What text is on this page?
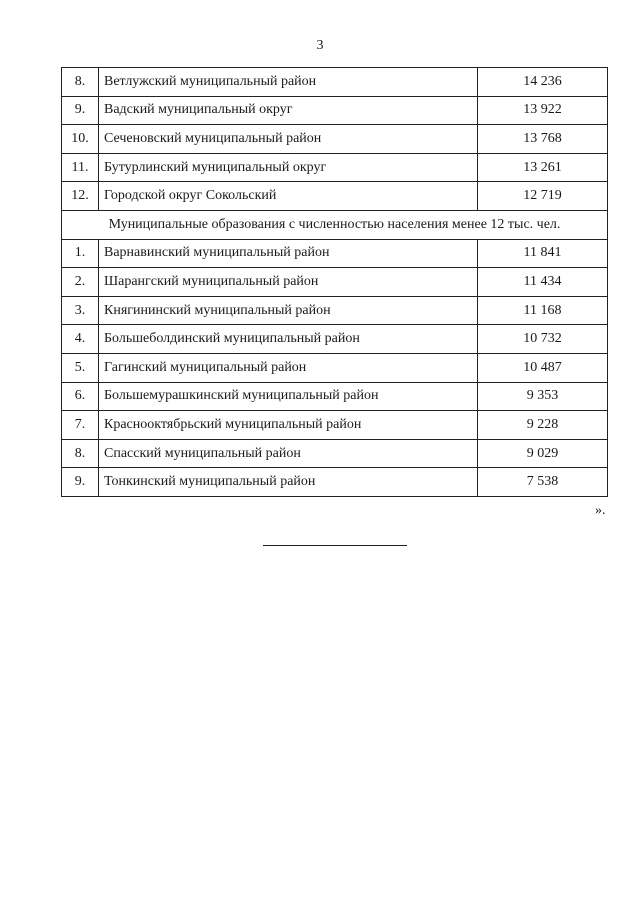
3
8.	Ветлужский муниципальный район	14 236
9.	Вадский муниципальный округ	13 922
10.	Сеченовский муниципальный район	13 768
11.	Бутурлинский муниципальный округ	13 261
12.	Городской округ Сокольский	12 719
Муниципальные образования с численностью населения менее 12 тыс. чел.		
1.	Варнавинский муниципальный район	11 841
2.	Шарангский муниципальный район	11 434
3.	Княгининский муниципальный район	11 168
4.	Большеболдинский муниципальный район	10 732
5.	Гагинский муниципальный район	10 487
6.	Большемурашкинский муниципальный район	9 353
7.	Краснооктябрьский муниципальный район	9 228
8.	Спасский муниципальный район	9 029
9.	Тонкинский муниципальный район	7 538
».
